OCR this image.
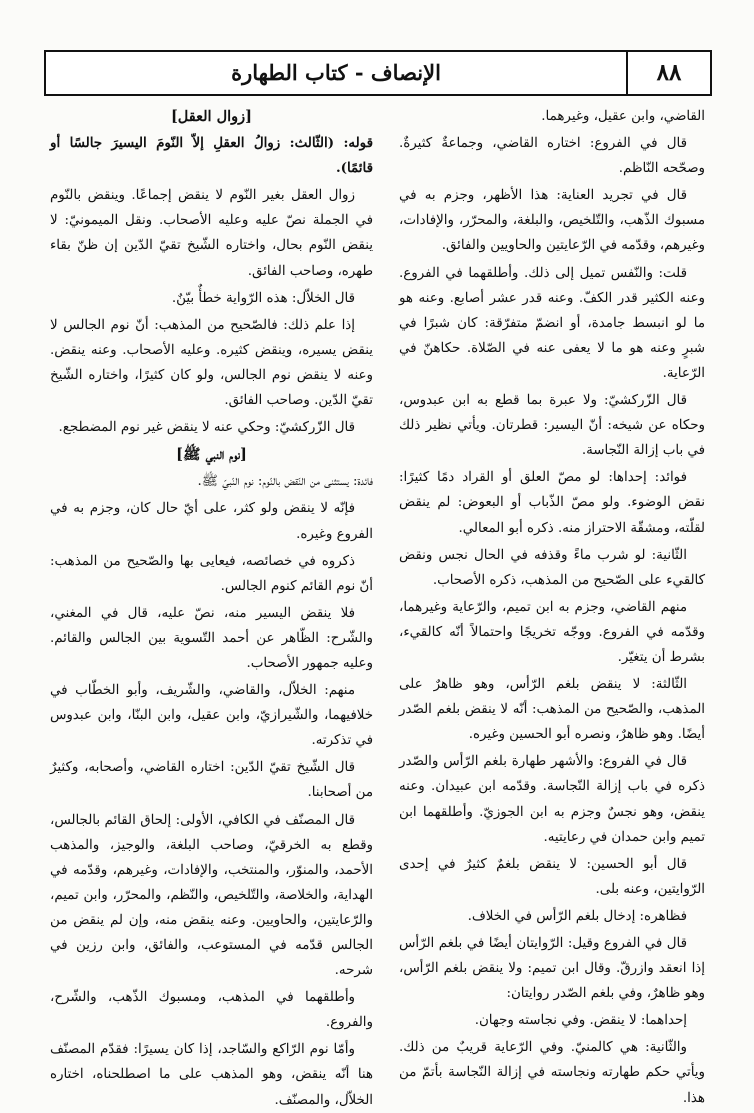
٨٨
الإنصاف - كتاب الطهارة

القاضي، وابن عقيل، وغيرهما.

قال في الفروع: اختاره القاضي، وجماعةٌ كثيرةٌ. وصحّحه النّاظم.

قال في تجريد العناية: هذا الأظهر، وجزم به في مسبوك الذّهب، والتّلخيص، والبلغة، والمحرّر، والإفادات، وغيرهم، وقدّمه في الرّعايتين والحاويين والفائق.

قلت: والنّفس تميل إلى ذلك. وأطلقهما في الفروع. وعنه الكثير قدر الكفّ. وعنه قدر عشر أصابع. وعنه هو ما لو انبسط جامدة، أو انضمّ متفرّقة: كان شبرًا في شبرٍ وعنه هو ما لا يعفى عنه في الصّلاة. حكاهنّ في الرّعاية.

قال الزّركشيّ: ولا عبرة بما قطع به ابن عبدوس، وحكاه عن شيخه: أنّ اليسير: قطرتان. ويأتي نظير ذلك في باب إزالة النّجاسة.

فوائد: إحداها: لو مصّ العلق أو القراد دمًا كثيرًا: نقض الوضوء. ولو مصّ الذّباب أو البعوض: لم ينقض لقلّته، ومشقّة الاحتراز منه. ذكره أبو المعالي.

الثّانية: لو شرب ماءً وقذفه في الحال نجس ونقض كالقيء على الصّحيح من المذهب، ذكره الأصحاب.

منهم القاضي، وجزم به ابن تميم، والرّعاية وغيرهما، وقدّمه في الفروع. ووجّه تخريجًا واحتمالاً أنّه كالقيء، بشرط أن يتغيّر.

الثّالثة: لا ينقض بلغم الرّأس، وهو ظاهرٌ على المذهب، والصّحيح من المذهب: أنّه لا ينقض بلغم الصّدر أيضًا. وهو ظاهرٌ، ونصره أبو الحسين وغيره.

قال في الفروع: والأشهر طهارة بلغم الرّأس والصّدر ذكره في باب إزالة النّجاسة. وقدّمه ابن عبيدان. وعنه ينقض، وهو نجسٌ وجزم به ابن الجوزيّ. وأطلقهما ابن تميم وابن حمدان في رعايتيه.

قال أبو الحسين: لا ينقض بلغمٌ كثيرٌ في إحدى الرّوايتين، وعنه بلى.

فظاهره: إدخال بلغم الرّأس في الخلاف.

قال في الفروع وقيل: الرّوايتان أيضًا في بلغم الرّأس إذا انعقد وازرقّ. وقال ابن تميم: ولا ينقض بلغم الرّأس، وهو ظاهرٌ، وفي بلغم الصّدر روايتان:

إحداهما: لا ينقض. وفي نجاسته وجهان.

والثّانية: هي كالمنيّ. وفي الرّعاية قريبٌ من ذلك. ويأتي حكم طهارته ونجاسته في إزالة النّجاسة بأتمّ من هذا.

[زوال العقل]

قوله: (الثّالث: زوالُ العقلِ إلاّ النّومَ اليسيرَ جالسًا أو قائمًا).

زوال العقل بغير النّوم لا ينقض إجماعًا. وينقض بالنّوم في الجملة نصّ عليه وعليه الأصحاب. ونقل الميمونيّ: لا ينقض النّوم بحال، واختاره الشّيخ تقيّ الدّين إن ظنّ بقاء طهره، وصاحب الفائق.

قال الخلاّل: هذه الرّواية خطأٌ بيّنٌ.

إذا علم ذلك: فالصّحيح من المذهب: أنّ نوم الجالس لا ينقض يسيره، وينقض كثيره. وعليه الأصحاب. وعنه ينقض. وعنه لا ينقض نوم الجالس، ولو كان كثيرًا، واختاره الشّيخ تقيّ الدّين. وصاحب الفائق.

قال الزّركشيّ: وحكي عنه لا ينقض غير نوم المضطجع.

[نوم النبي ﷺ]

فائدة: يستثنى من النّقض بالنّوم: نوم النّبيّ ﷺ.

فإنّه لا ينقض ولو كثر، على أيّ حال كان، وجزم به في الفروع وغيره.

ذكروه في خصائصه، فيعايى بها والصّحيح من المذهب: أنّ نوم القائم كنوم الجالس.

فلا ينقض اليسير منه، نصّ عليه، قال في المغني، والشّرح: الظّاهر عن أحمد التّسوية بين الجالس والقائم. وعليه جمهور الأصحاب.

منهم: الخلاّل، والقاضي، والشّريف، وأبو الخطّاب في خلافيهما، والشّيرازيّ، وابن عقيل، وابن البنّا، وابن عبدوس في تذكرته.

قال الشّيخ تقيّ الدّين: اختاره القاضي، وأصحابه، وكثيرٌ من أصحابنا.

قال المصنّف في الكافي، الأولى: إلحاق القائم بالجالس، وقطع به الخرقيّ، وصاحب البلغة، والوجيز، والمذهب الأحمد، والمنوّر، والمنتخب، والإفادات، وغيرهم، وقدّمه في الهداية، والخلاصة، والتّلخيص، والنّظم، والمحرّر، وابن تميم، والرّعايتين، والحاويين. وعنه ينقض منه، وإن لم ينقض من الجالس قدّمه في المستوعب، والفائق، وابن رزين في شرحه.

وأطلقهما في المذهب، ومسبوك الذّهب، والشّرح، والفروع.

وأمّا نوم الرّاكع والسّاجد، إذا كان يسيرًا: فقدّم المصنّف هنا أنّه ينقض، وهو المذهب على ما اصطلحناه، اختاره الخلاّل، والمصنّف.
